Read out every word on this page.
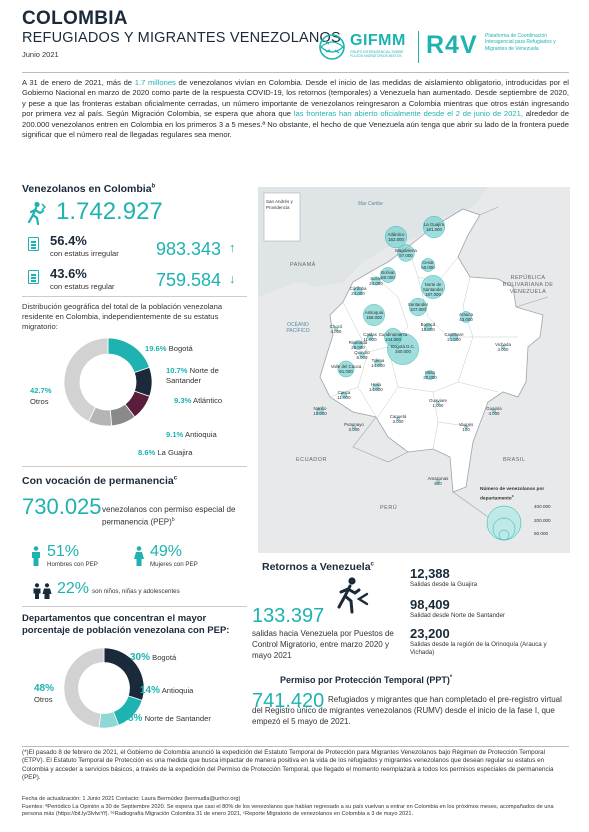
COLOMBIA
REFUGIADOS Y MIGRANTES VENEZOLANOS
Junio 2021
GIFMM
GRUPO INTERAGENCIAL SOBRE FLUJOS MIGRATORIOS MIXTOS R4V Plataforma de Coordinación Interagencial para Refugiados y Migrantes de Venezuela
A 31 de enero de 2021, más de 1.7 millones de venezolanos vivían en Colombia. Desde el inicio de las medidas de aislamiento obligatorio, introducidas por el Gobierno Nacional en marzo de 2020 como parte de la respuesta COVID-19, los retornos (temporales) a Venezuela han aumentado. Desde septiembre de 2020, y pese a que las fronteras estaban oficialmente cerradas, un número importante de venezolanos reingresaron a Colombia mientras que otros están ingresando por primera vez al país. Según Migración Colombia, se espera que ahora que las fronteras han abierto oficialmente desde el 2 de junio de 2021, alrededor de 200.000 venezolanos entren en Colombia en los primeros 3 a 5 meses.ª No obstante, el hecho de que Venezuela aún tenga que abrir su lado de la frontera puede significar que el número real de llegadas regulares sea menor.
Venezolanos en Colombia$^b$
1.742.927
56.4%
con estatus irregular 983.343 ↑
43.6%
con estatus regular 759.584 ↓
Distribución geográfica del total de la población venezolana residente en Colombia, independientemente de su estatus migratorio:
19.6% Bogotá
10.7% Norte de Santander
9.3% Atlántico
9.1% Antioquia
8.6% La Guajira
42.7%
Otros
Con vocación de permanencia$^c$
730.025 venezolanos con permiso especial de permanencia (PEP)$^b$
51%
Hombres con PEP
49%
Mujeres con PEP
22% son niños, niñas y adolescentes
Departamentos que concentran el mayor porcentaje de población venezolana con PEP:
30% Bogotá
14% Antioquia
8% Norte de Santander
48%
Otros
San Andrés y Providencia	Mar Caribe
OCÉANO PACÍFICO
PANAMÁ
REPÚBLICA BOLIVARIANA DE VENEZUELA
ECUADOR
PERÚ
BRASIL
La Guajira
161.000
Atlántico
162.000
Magdalena
97.000
Bolívar
80.000
Cesar
60.000
Sucre
24.000
Córdoba
24.000
Norte de Santander
187.000
Antioquia
158.000
Santander
107.000
Arauca
43.000
Boyacá
18.000
Casanare
21.000
Chocó
4.000
Caldas
11.000
Risaralda
28.000
Quindío
8.000
Bogotá D.C.
340.000
Cundinamarca
104.000
Tolima
14.000
Valle del Cauca
91.000
Vichada
4.000
Meta
30.000
Huila
14.000
Cauca
11.000
Nariño
15.000
Putumayo
3.000
Caquetá
3.000
Guaviare
1.000
Guainía
4.000
Vaupés
100
Amazonas
600
Número de venezolanos por departamento$^c$
400.000
200.000
50.000
Retornos a Venezuela$^c$
133.397
salidas hacia Venezuela por Puestos de Control Migratorio, entre marzo 2020 y mayo 2021
12,388
Salidas desde la Guajira
98,409
Salidad desde Norte de Santander
23,200
Salidas desde la región de la Orinoquía (Arauca y Vichada)
Permiso por Protección Temporal (PPT)*
741.420 Refugiados y migrantes que han completado el pre-registro virtual del Registro único de migrantes venezolanos (RUMV) desde el inicio de la fase I, que empezó el 5 mayo de 2021.
(*)El pasado 8 de febrero de 2021, el Gobierno de Colombia anunció la expedición del Estatuto Temporal de Protección para Migrantes Venezolanos bajo Régimen de Protección Temporal (ETPV). El Estatuto Temporal de Protección es una medida que busca impactar de manera positiva en la vida de los refugiados y migrantes venezolanos que desean regular su estatus en Colombia y acceder a servicios básicos, a través de la expedición del Permiso de Protección Temporal, que llegado el momento reemplazará a todos los permisos especiales de permanencia (PEP).
Fecha de actualización: 1 Junio 2021 Contacto: Laura Bermúdez (bermudla@unhcr.org)
Fuentes: ªPeriódico La Opinión a 30 de Septiembre 2020. Se espera que casi el 80% de los venezolanos que habían regresado a su país vuelvan a entrar en Colombia en los próximos meses, acompañados de una persona más (https://bit.ly/3lvIwYf). ᵇᶜRadiografía Migración Colombia 31 de enero 2021, ᶜReporte Migratorio de venezolanos en Colombia a 3 de mayo 2021.
